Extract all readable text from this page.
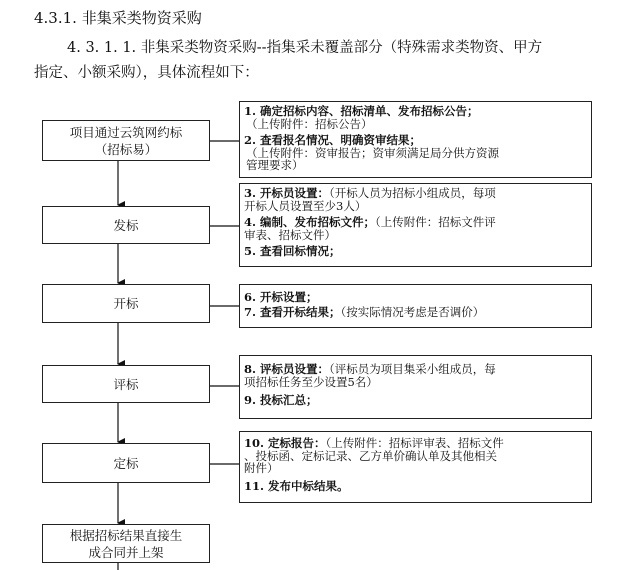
4.3.1. 非集采类物资采购
4. 3. 1. 1. 非集采类物资采购--指集采未覆盖部分（特殊需求类物资、甲方
指定、小额采购），具体流程如下：
项目通过云筑网约标
（招标易）
发标
开标
评标
定标
根据招标结果直接生
成合同并上架
1. 确定招标内容、招标清单、发布招标公告；
（上传附件：招标公告）
2. 查看报名情况、明确资审结果；
（上传附件：资审报告；资审须满足局分供方资源
管理要求）
3. 开标员设置：（开标人员为招标小组成员，每项
开标人员设置至少3人）
4. 编制、发布招标文件；（上传附件：招标文件评
审表、招标文件）
5. 查看回标情况；
6. 开标设置；
7. 查看开标结果；（按实际情况考虑是否调价）
8. 评标员设置：（评标员为项目集采小组成员，每
项招标任务至少设置5名）
9. 投标汇总；
10. 定标报告：（上传附件：招标评审表、招标文件
、投标函、定标记录、乙方单价确认单及其他相关
附件）
11. 发布中标结果。
